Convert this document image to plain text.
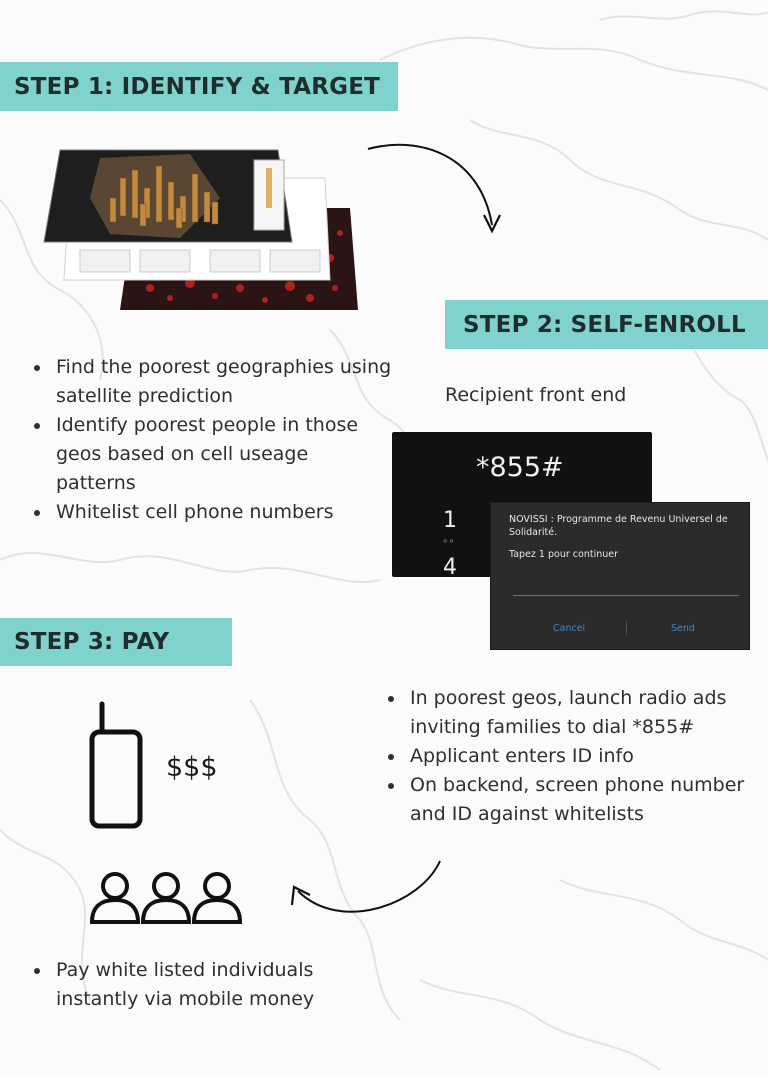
STEP 1: IDENTIFY & TARGET
• Find the poorest geographies using satellite prediction
• Identify poorest people in those geos based on cell useage patterns
• Whitelist cell phone numbers
STEP 2: SELF-ENROLL
Recipient front end
*855#
1
∘∘
4
NOVISSI : Programme de Revenu Universel de Solidarité.
Tapez 1 pour continuer
Cancel	Send
• In poorest geos, launch radio ads inviting families to dial *855#
• Applicant enters ID info
• On backend, screen phone number and ID against whitelists
STEP 3: PAY
$$$
• Pay white listed individuals instantly via mobile money
